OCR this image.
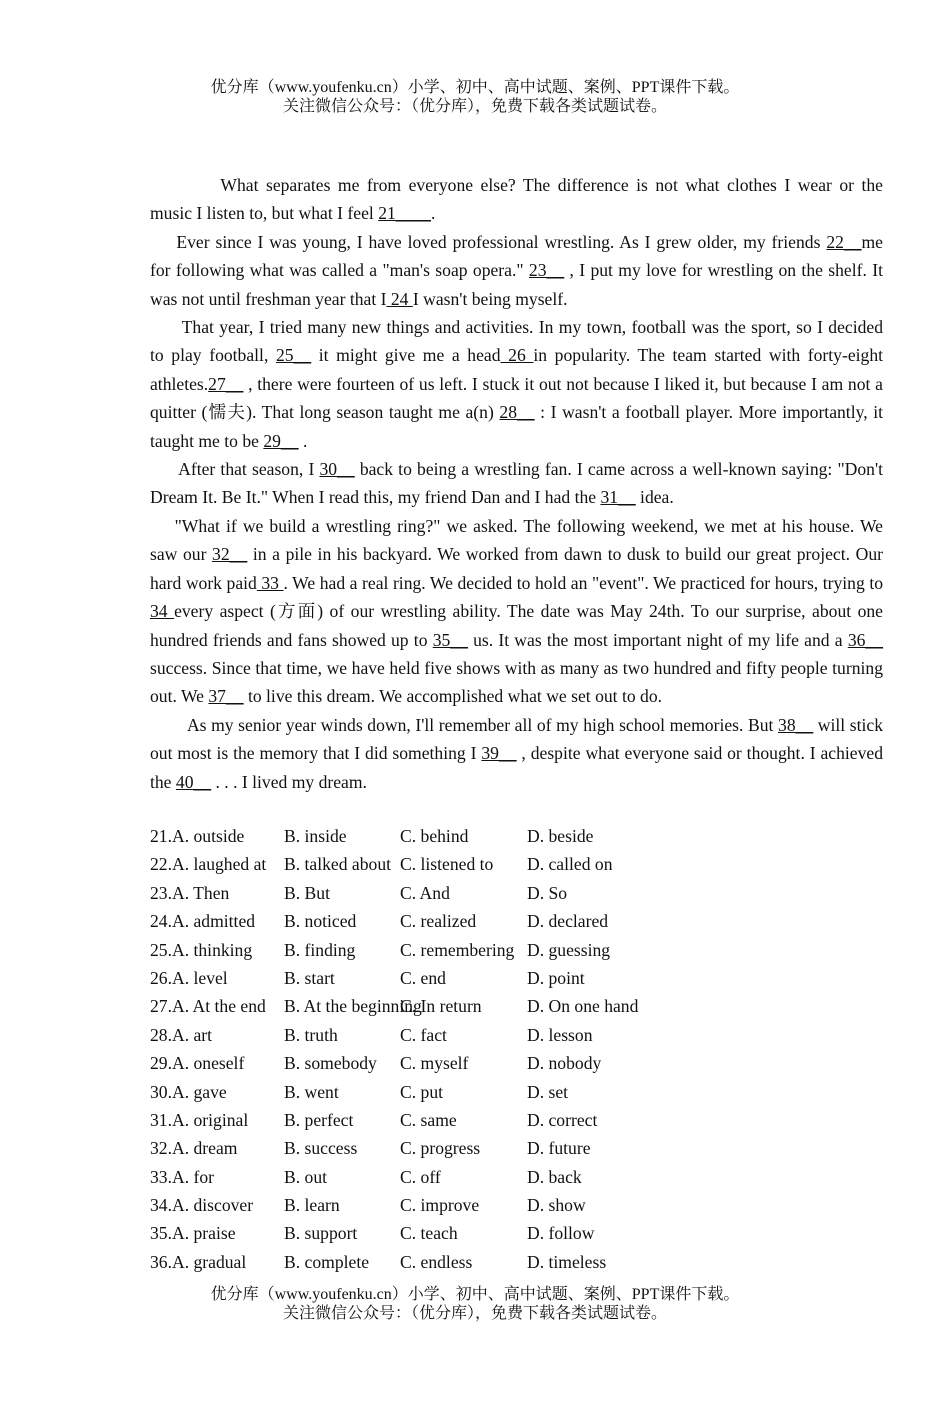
优分库（www.youfenku.cn）小学、初中、高中试题、案例、PPT课件下载。
关注微信公众号：（优分库），免费下载各类试题试卷。

What separates me from everyone else? The difference is not what clothes I wear or the music I listen to, but what I feel 21____.

Ever since I was young, I have loved professional wrestling. As I grew older, my friends 22__me for following what was called a "man's soap opera." 23__ , I put my love for wrestling on the shelf. It was not until freshman year that I 24 I wasn't being myself.

That year, I tried many new things and activities. In my town, football was the sport, so I decided to play football, 25__ it might give me a head 26 in popularity. The team started with forty-eight athletes.27__ , there were fourteen of us left. I stuck it out not because I liked it, but because I am not a quitter (懦夫). That long season taught me a(n) 28__ : I wasn't a football player. More importantly, it taught me to be 29__ .

After that season, I 30__ back to being a wrestling fan. I came across a well-known saying: "Don't Dream It. Be It." When I read this, my friend Dan and I had the 31__ idea.

"What if we build a wrestling ring?" we asked. The following weekend, we met at his house. We saw our 32__ in a pile in his backyard. We worked from dawn to dusk to build our great project. Our hard work paid 33 . We had a real ring. We decided to hold an "event". We practiced for hours, trying to 34 every aspect (方面) of our wrestling ability. The date was May 24th. To our surprise, about one hundred friends and fans showed up to 35__ us. It was the most important night of my life and a 36__ success. Since that time, we have held five shows with as many as two hundred and fifty people turning out. We 37__ to live this dream. We accomplished what we set out to do.

As my senior year winds down, I'll remember all of my high school memories. But 38__ will stick out most is the memory that I did something I 39__ , despite what everyone said or thought. I achieved the 40__ . . . I lived my dream.

21.A. outside B. inside	C. behind	D. beside
22.A. laughed at B. talked about C. listened to D. called on
23.A. Then	B. But	C. And	D. So
24.A. admitted B. noticed C. realized	D. declared
25.A. thinking B. finding	C. remembering D. guessing
26.A. level	B. start	C. end	D. point
27.A. At the end B. At the beginningC. In return	D. On one hand
28.A. art	B. truth	C. fact	D. lesson
29.A. oneself B. somebody C. myself	D. nobody
30.A. gave	B. went	C. put	D. set
31.A. original B. perfect	C. same	D. correct
32.A. dream	B. success C. progress	D. future
33.A. for	B. out	C. off	D. back
34.A. discover B. learn	C. improve	D. show
35.A. praise	B. support C. teach	D. follow
36.A. gradual B. complete C. endless	D. timeless
优分库（www.youfenku.cn）小学、初中、高中试题、案例、PPT课件下载。
关注微信公众号：（优分库），免费下载各类试题试卷。
